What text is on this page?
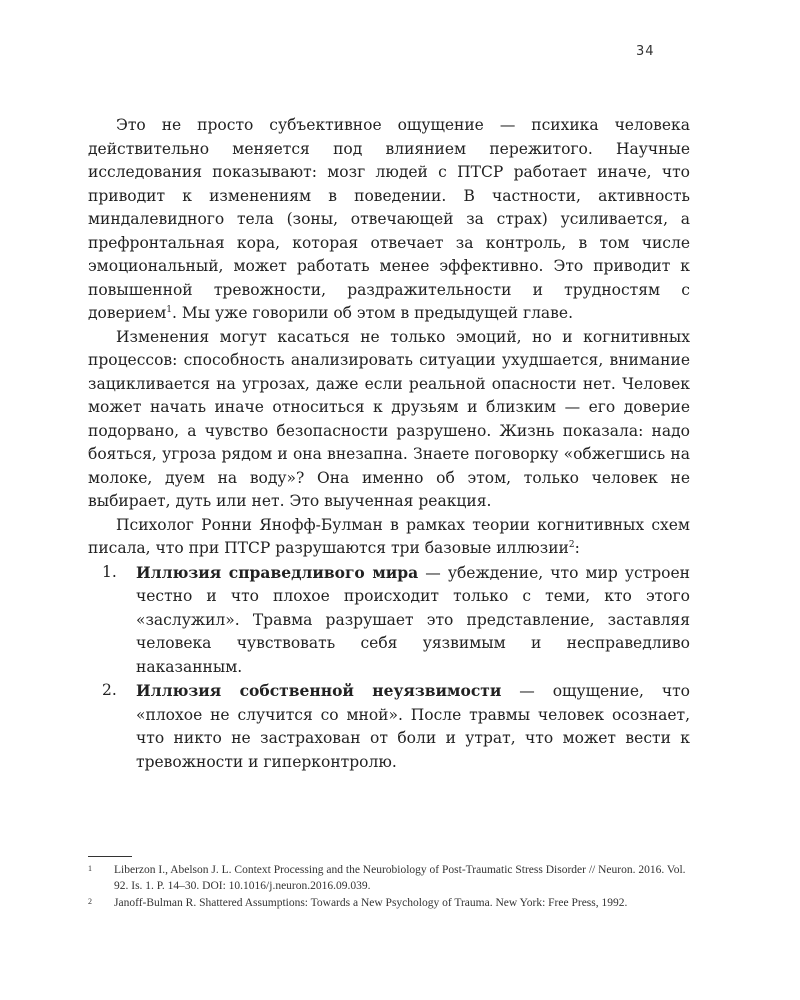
34

Это не просто субъективное ощущение — психика человека действительно меняется под влиянием пережитого. Научные исследования показывают: мозг людей с ПТСР работает иначе, что приводит к изменениям в поведении. В частности, активность миндалевидного тела (зоны, отвечающей за страх) усиливается, а префронтальная кора, которая отвечает за контроль, в том числе эмоциональный, может работать менее эффективно. Это приводит к повышенной тревожности, раздражительности и трудностям с доверием$^1$. Мы уже говорили об этом в предыдущей главе.

Изменения могут касаться не только эмоций, но и когнитивных процессов: способность анализировать ситуации ухудшается, внимание зацикливается на угрозах, даже если реальной опасности нет. Человек может начать иначе относиться к друзьям и близким — его доверие подорвано, а чувство безопасности разрушено. Жизнь показала: надо бояться, угроза рядом и она внезапна. Знаете поговорку «обжегшись на молоке, дуем на воду»? Она именно об этом, только человек не выбирает, дуть или нет. Это выученная реакция.

Психолог Ронни Янофф-Булман в рамках теории когнитивных схем писала, что при ПТСР разрушаются три базовые иллюзии$^2$:

1. Иллюзия справедливого мира — убеждение, что мир устроен честно и что плохое происходит только с теми, кто этого «заслужил». Травма разрушает это представление, заставляя человека чувствовать себя уязвимым и несправедливо наказанным.
2. Иллюзия собственной неуязвимости — ощущение, что «плохое не случится со мной». После травмы человек осознает, что никто не застрахован от боли и утрат, что может вести к тревожности и гиперконтролю.
1 Liberzon I., Abelson J. L. Context Processing and the Neurobiology of Post-Traumatic Stress Disorder // Neuron. 2016. Vol. 92. Is. 1. P. 14–30. DOI: 10.1016/j.neuron.2016.09.039.
2 Janoff-Bulman R. Shattered Assumptions: Towards a New Psychology of Trauma. New York: Free Press, 1992.
